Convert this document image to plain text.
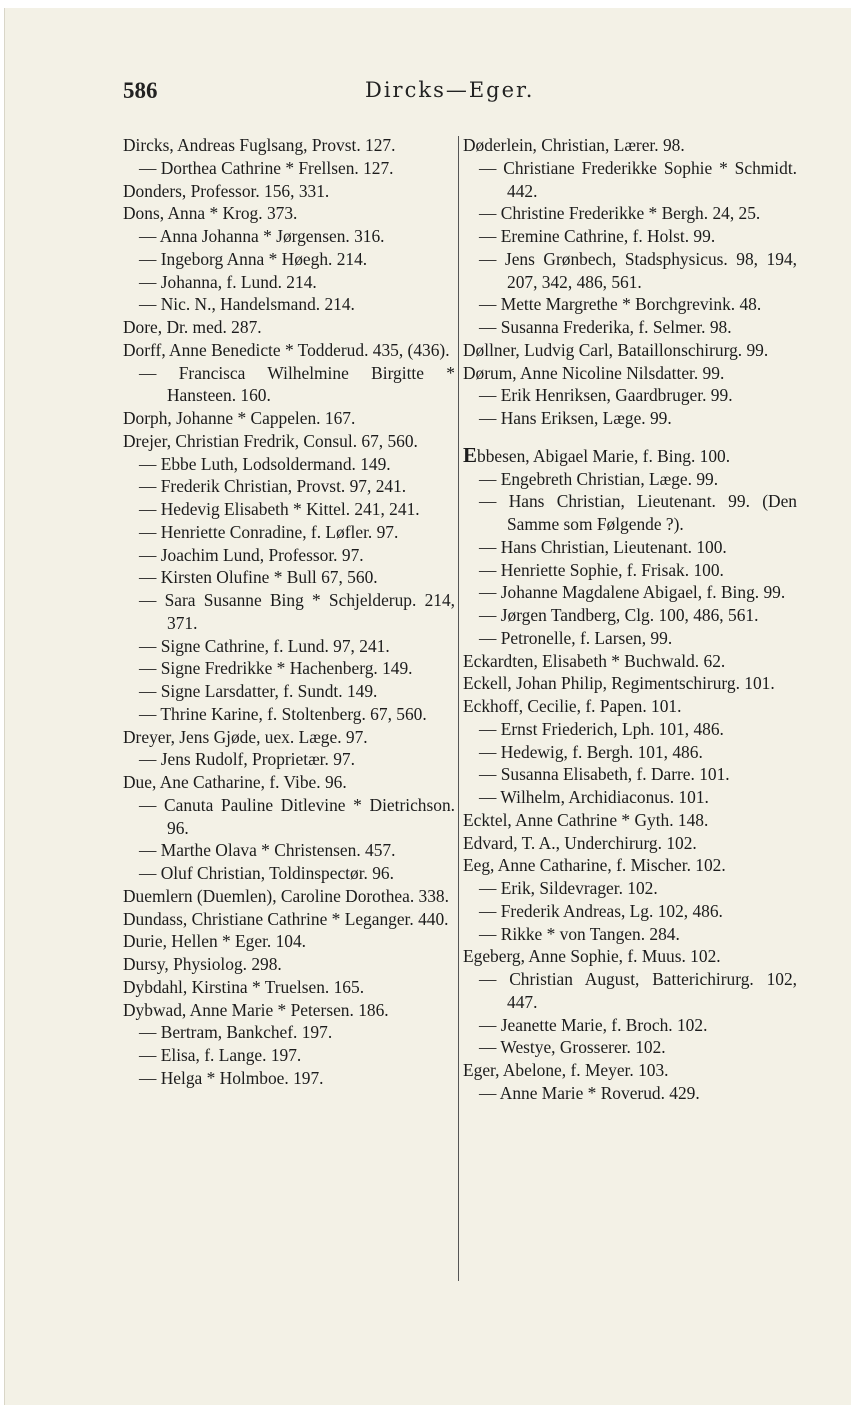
586	Dircks—Eger.

Dircks, Andreas Fuglsang, Provst. 127.

— Dorthea Cathrine * Frellsen. 127.

Donders, Professor. 156, 331.

Dons, Anna * Krog. 373.

— Anna Johanna * Jørgensen. 316.

— Ingeborg Anna * Høegh. 214.

— Johanna, f. Lund. 214.

— Nic. N., Handelsmand. 214.

Dore, Dr. med. 287.

Dorff, Anne Benedicte * Todderud. 435, (436).

— Francisca Wilhelmine Birgitte * Hansteen. 160.

Dorph, Johanne * Cappelen. 167.

Drejer, Christian Fredrik, Consul. 67, 560.

— Ebbe Luth, Lodsoldermand. 149.

— Frederik Christian, Provst. 97, 241.

— Hedevig Elisabeth * Kittel. 241, 241.

— Henriette Conradine, f. Løfler. 97.

— Joachim Lund, Professor. 97.

— Kirsten Olufine * Bull 67, 560.

— Sara Susanne Bing * Schjelderup. 214, 371.

— Signe Cathrine, f. Lund. 97, 241.

— Signe Fredrikke * Hachenberg. 149.

— Signe Larsdatter, f. Sundt. 149.

— Thrine Karine, f. Stoltenberg. 67, 560.

Dreyer, Jens Gjøde, uex. Læge. 97.

— Jens Rudolf, Proprietær. 97.

Due, Ane Catharine, f. Vibe. 96.

— Canuta Pauline Ditlevine * Dietrichson. 96.

— Marthe Olava * Christensen. 457.

— Oluf Christian, Toldinspectør. 96.

Duemlern (Duemlen), Caroline Dorothea. 338.

Dundass, Christiane Cathrine * Leganger. 440.

Durie, Hellen * Eger. 104.

Dursy, Physiolog. 298.

Dybdahl, Kirstina * Truelsen. 165.

Dybwad, Anne Marie * Petersen. 186.

— Bertram, Bankchef. 197.

— Elisa, f. Lange. 197.

— Helga * Holmboe. 197.

Døderlein, Christian, Lærer. 98.

— Christiane Frederikke Sophie * Schmidt. 442.

— Christine Frederikke * Bergh. 24, 25.

— Eremine Cathrine, f. Holst. 99.

— Jens Grønbech, Stadsphysicus. 98, 194, 207, 342, 486, 561.

— Mette Margrethe * Borchgrevink. 48.

— Susanna Frederika, f. Selmer. 98.

Døllner, Ludvig Carl, Bataillonschirurg. 99.

Dørum, Anne Nicoline Nilsdatter. 99.

— Erik Henriksen, Gaardbruger. 99.

— Hans Eriksen, Læge. 99.

Ebbesen, Abigael Marie, f. Bing. 100.

— Engebreth Christian, Læge. 99.

— Hans Christian, Lieutenant. 99. (Den Samme som Følgende ?).

— Hans Christian, Lieutenant. 100.

— Henriette Sophie, f. Frisak. 100.

— Johanne Magdalene Abigael, f. Bing. 99.

— Jørgen Tandberg, Clg. 100, 486, 561.

— Petronelle, f. Larsen, 99.

Eckardten, Elisabeth * Buchwald. 62.

Eckell, Johan Philip, Regimentschirurg. 101.

Eckhoff, Cecilie, f. Papen. 101.

— Ernst Friederich, Lph. 101, 486.

— Hedewig, f. Bergh. 101, 486.

— Susanna Elisabeth, f. Darre. 101.

— Wilhelm, Archidiaconus. 101.

Ecktel, Anne Cathrine * Gyth. 148.

Edvard, T. A., Underchirurg. 102.

Eeg, Anne Catharine, f. Mischer. 102.

— Erik, Sildevrager. 102.

— Frederik Andreas, Lg. 102, 486.

— Rikke * von Tangen. 284.

Egeberg, Anne Sophie, f. Muus. 102.

— Christian August, Batterichirurg. 102, 447.

— Jeanette Marie, f. Broch. 102.

— Westye, Grosserer. 102.

Eger, Abelone, f. Meyer. 103.

— Anne Marie * Roverud. 429.
